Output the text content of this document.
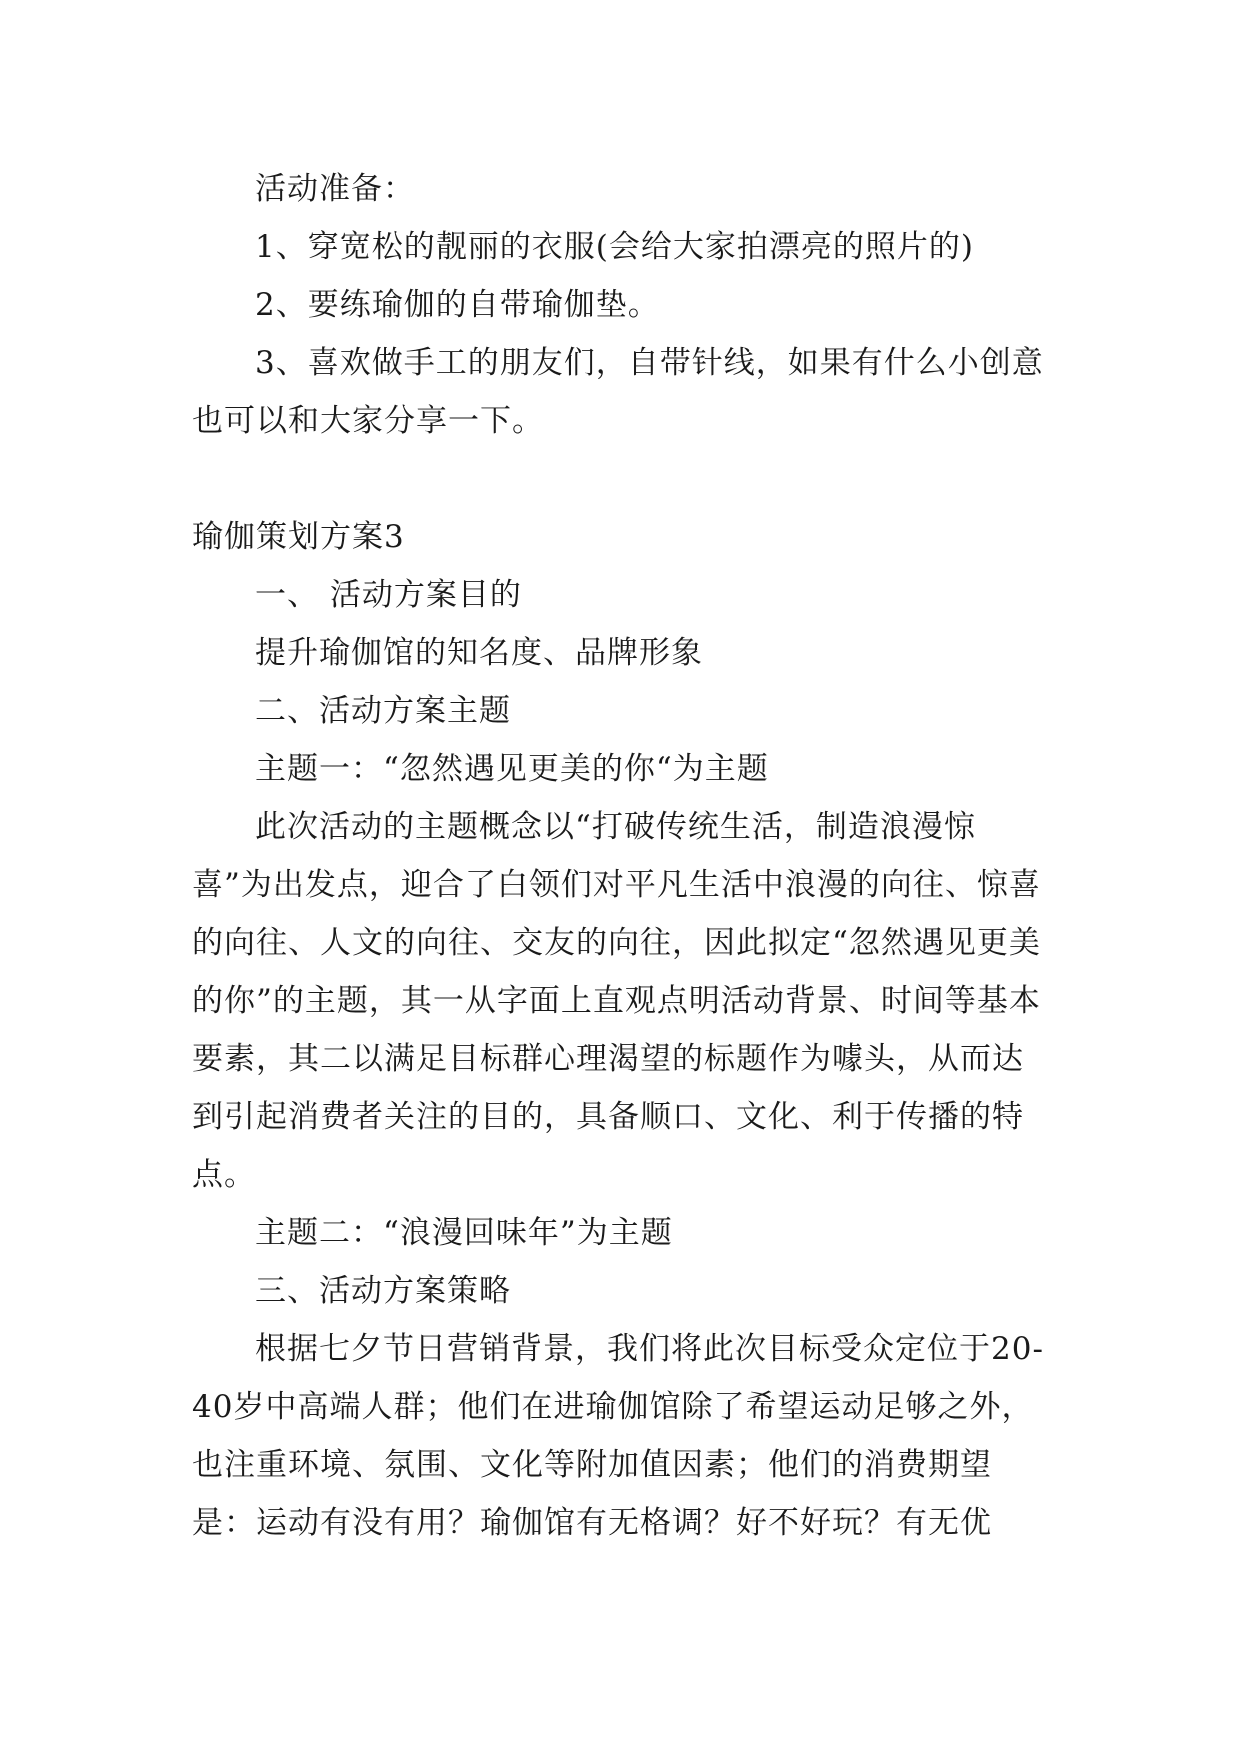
活动准备：

1、穿宽松的靓丽的衣服(会给大家拍漂亮的照片的)

2、要练瑜伽的自带瑜伽垫。

3、喜欢做手工的朋友们，自带针线，如果有什么小创意也可以和大家分享一下。

瑜伽策划方案3

一、 活动方案目的

提升瑜伽馆的知名度、品牌形象

二、活动方案主题

主题一：“忽然遇见更美的你“为主题

此次活动的主题概念以“打破传统生活，制造浪漫惊喜”为出发点，迎合了白领们对平凡生活中浪漫的向往、惊喜的向往、人文的向往、交友的向往，因此拟定“忽然遇见更美的你”的主题，其一从字面上直观点明活动背景、时间等基本要素，其二以满足目标群心理渴望的标题作为噱头，从而达到引起消费者关注的目的，具备顺口、文化、利于传播的特点。

主题二：“浪漫回味年”为主题

三、活动方案策略

根据七夕节日营销背景，我们将此次目标受众定位于20-40岁中高端人群；他们在进瑜伽馆除了希望运动足够之外，也注重环境、氛围、文化等附加值因素；他们的消费期望是：运动有没有用？瑜伽馆有无格调？好不好玩？有无优
